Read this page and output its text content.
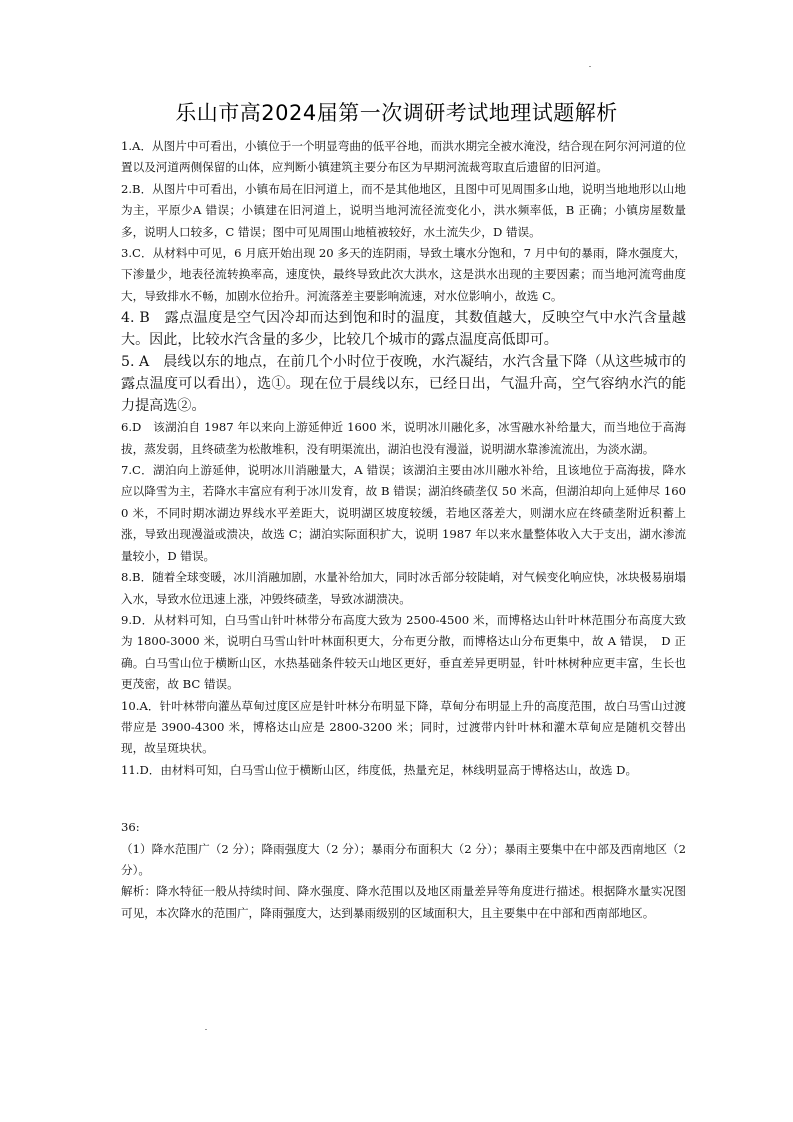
乐山市高2024届第一次调研考试地理试题解析

1.A．从图片中可看出，小镇位于一个明显弯曲的低平谷地，而洪水期完全被水淹没，结合现在阿尔河河道的位置以及河道两侧保留的山体，应判断小镇建筑主要分布区为早期河流裁弯取直后遗留的旧河道。

2.B．从图片中可看出，小镇布局在旧河道上，而不是其他地区，且图中可见周围多山地，说明当地地形以山地为主，平原少A 错误；小镇建在旧河道上，说明当地河流径流变化小，洪水频率低，B 正确；小镇房屋数量多，说明人口较多，C 错误；图中可见周围山地植被较好，水土流失少，D 错误。

3.C．从材料中可见，6 月底开始出现 20 多天的连阴雨，导致土壤水分饱和，7 月中旬的暴雨，降水强度大，下渗量少，地表径流转换率高，速度快，最终导致此次大洪水，这是洪水出现的主要因素；而当地河流弯曲度大，导致排水不畅，加剧水位抬升。河流落差主要影响流速，对水位影响小，故选 C。

4. B　露点温度是空气因冷却而达到饱和时的温度，其数值越大，反映空气中水汽含量越大。因此，比较水汽含量的多少，比较几个城市的露点温度高低即可。

5. A　晨线以东的地点，在前几个小时位于夜晚，水汽凝结，水汽含量下降（从这些城市的露点温度可以看出），选①。现在位于晨线以东，已经日出，气温升高，空气容纳水汽的能力提高选②。

6.D　该湖泊自 1987 年以来向上游延伸近 1600 米，说明冰川融化多，冰雪融水补给量大，而当地位于高海拔，蒸发弱，且终碛垄为松散堆积，没有明渠流出，湖泊也没有漫溢，说明湖水靠渗流流出，为淡水湖。

7.C．湖泊向上游延伸，说明冰川消融量大，A 错误；该湖泊主要由冰川融水补给，且该地位于高海拔，降水应以降雪为主，若降水丰富应有利于冰川发育，故 B 错误；湖泊终碛垄仅 50 米高，但湖泊却向上延伸尽 1600 米，不同时期冰湖边界线水平差距大，说明湖区坡度较缓，若地区落差大，则湖水应在终碛垄附近积蓄上涨，导致出现漫溢或溃决，故选 C；湖泊实际面积扩大，说明 1987 年以来水量整体收入大于支出，湖水渗流量较小，D 错误。

8.B．随着全球变暖，冰川消融加剧，水量补给加大，同时冰舌部分较陡峭，对气候变化响应快，冰块极易崩塌入水，导致水位迅速上涨，冲毁终碛垄，导致冰湖溃决。

9.D．从材料可知，白马雪山针叶林带分布高度大致为 2500-4500 米，而博格达山针叶林范围分布高度大致为 1800-3000 米，说明白马雪山针叶林面积更大，分布更分散，而博格达山分布更集中，故 A 错误，　D 正确。白马雪山位于横断山区，水热基础条件较天山地区更好，垂直差异更明显，针叶林树种应更丰富，生长也更茂密，故 BC 错误。

10.A．针叶林带向灌丛草甸过度区应是针叶林分布明显下降，草甸分布明显上升的高度范围，故白马雪山过渡带应是 3900-4300 米，博格达山应是 2800-3200 米；同时，过渡带内针叶林和灌木草甸应是随机交替出现，故呈斑块状。

11.D．由材料可知，白马雪山位于横断山区，纬度低，热量充足，林线明显高于博格达山，故选 D。

36:

（1）降水范围广（2 分）；降雨强度大（2 分）；暴雨分布面积大（2 分）；暴雨主要集中在中部及西南地区（2 分）。

解析：降水特征一般从持续时间、降水强度、降水范围以及地区雨量差异等角度进行描述。根据降水量实况图可见，本次降水的范围广，降雨强度大，达到暴雨级别的区域面积大，且主要集中在中部和西南部地区。
